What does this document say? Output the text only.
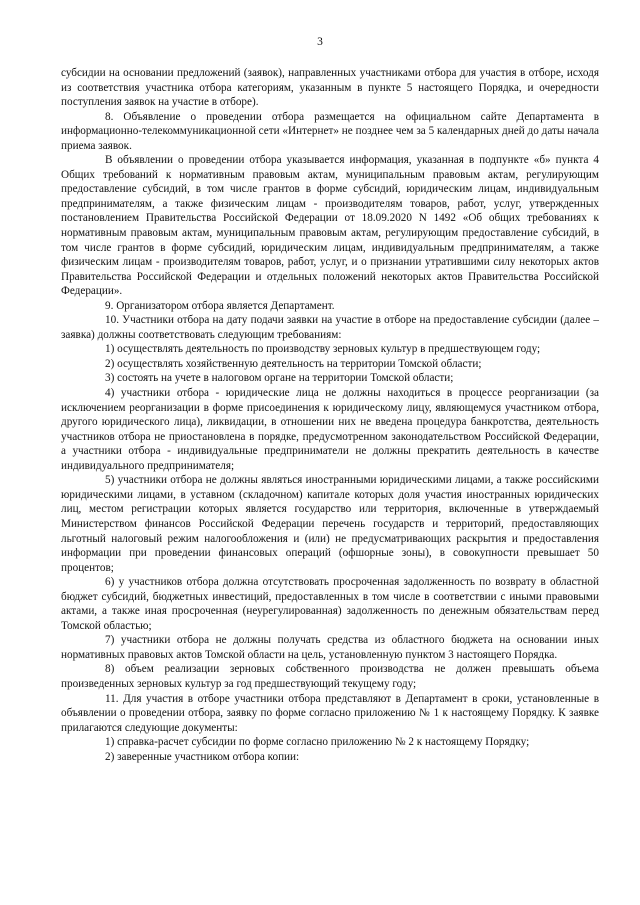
3

субсидии на основании предложений (заявок), направленных участниками отбора для участия в отборе, исходя из соответствия участника отбора категориям, указанным в пункте 5 настоящего Порядка, и очередности поступления заявок на участие в отборе).

8. Объявление о проведении отбора размещается на официальном сайте Департамента в информационно-телекоммуникационной сети «Интернет» не позднее чем за 5 календарных дней до даты начала приема заявок.

В объявлении о проведении отбора указывается информация, указанная в подпункте «б» пункта 4 Общих требований к нормативным правовым актам, муниципальным правовым актам, регулирующим предоставление субсидий, в том числе грантов в форме субсидий, юридическим лицам, индивидуальным предпринимателям, а также физическим лицам - производителям товаров, работ, услуг, утвержденных постановлением Правительства Российской Федерации от 18.09.2020 N 1492 «Об общих требованиях к нормативным правовым актам, муниципальным правовым актам, регулирующим предоставление субсидий, в том числе грантов в форме субсидий, юридическим лицам, индивидуальным предпринимателям, а также физическим лицам - производителям товаров, работ, услуг, и о признании утратившими силу некоторых актов Правительства Российской Федерации и отдельных положений некоторых актов Правительства Российской Федерации».

9. Организатором отбора является Департамент.

10. Участники отбора на дату подачи заявки на участие в отборе на предоставление субсидии (далее – заявка) должны соответствовать следующим требованиям:

1) осуществлять деятельность по производству зерновых культур в предшествующем году;

2) осуществлять хозяйственную деятельность на территории Томской области;

3) состоять на учете в налоговом органе на территории Томской области;

4) участники отбора - юридические лица не должны находиться в процессе реорганизации (за исключением реорганизации в форме присоединения к юридическому лицу, являющемуся участником отбора, другого юридического лица), ликвидации, в отношении них не введена процедура банкротства, деятельность участников отбора не приостановлена в порядке, предусмотренном законодательством Российской Федерации, а участники отбора - индивидуальные предприниматели не должны прекратить деятельность в качестве индивидуального предпринимателя;

5) участники отбора не должны являться иностранными юридическими лицами, а также российскими юридическими лицами, в уставном (складочном) капитале которых доля участия иностранных юридических лиц, местом регистрации которых является государство или территория, включенные в утверждаемый Министерством финансов Российской Федерации перечень государств и территорий, предоставляющих льготный налоговый режим налогообложения и (или) не предусматривающих раскрытия и предоставления информации при проведении финансовых операций (офшорные зоны), в совокупности превышает 50 процентов;

6) у участников отбора должна отсутствовать просроченная задолженность по возврату в областной бюджет субсидий, бюджетных инвестиций, предоставленных в том числе в соответствии с иными правовыми актами, а также иная просроченная (неурегулированная) задолженность по денежным обязательствам перед Томской областью;

7) участники отбора не должны получать средства из областного бюджета на основании иных нормативных правовых актов Томской области на цель, установленную пунктом 3 настоящего Порядка.

8) объем реализации зерновых собственного производства не должен превышать объема произведенных зерновых культур за год предшествующий текущему году;

11. Для участия в отборе участники отбора представляют в Департамент в сроки, установленные в объявлении о проведении отбора, заявку по форме согласно приложению № 1 к настоящему Порядку. К заявке прилагаются следующие документы:

1) справка-расчет субсидии по форме согласно приложению № 2 к настоящему Порядку;

2) заверенные участником отбора копии:
